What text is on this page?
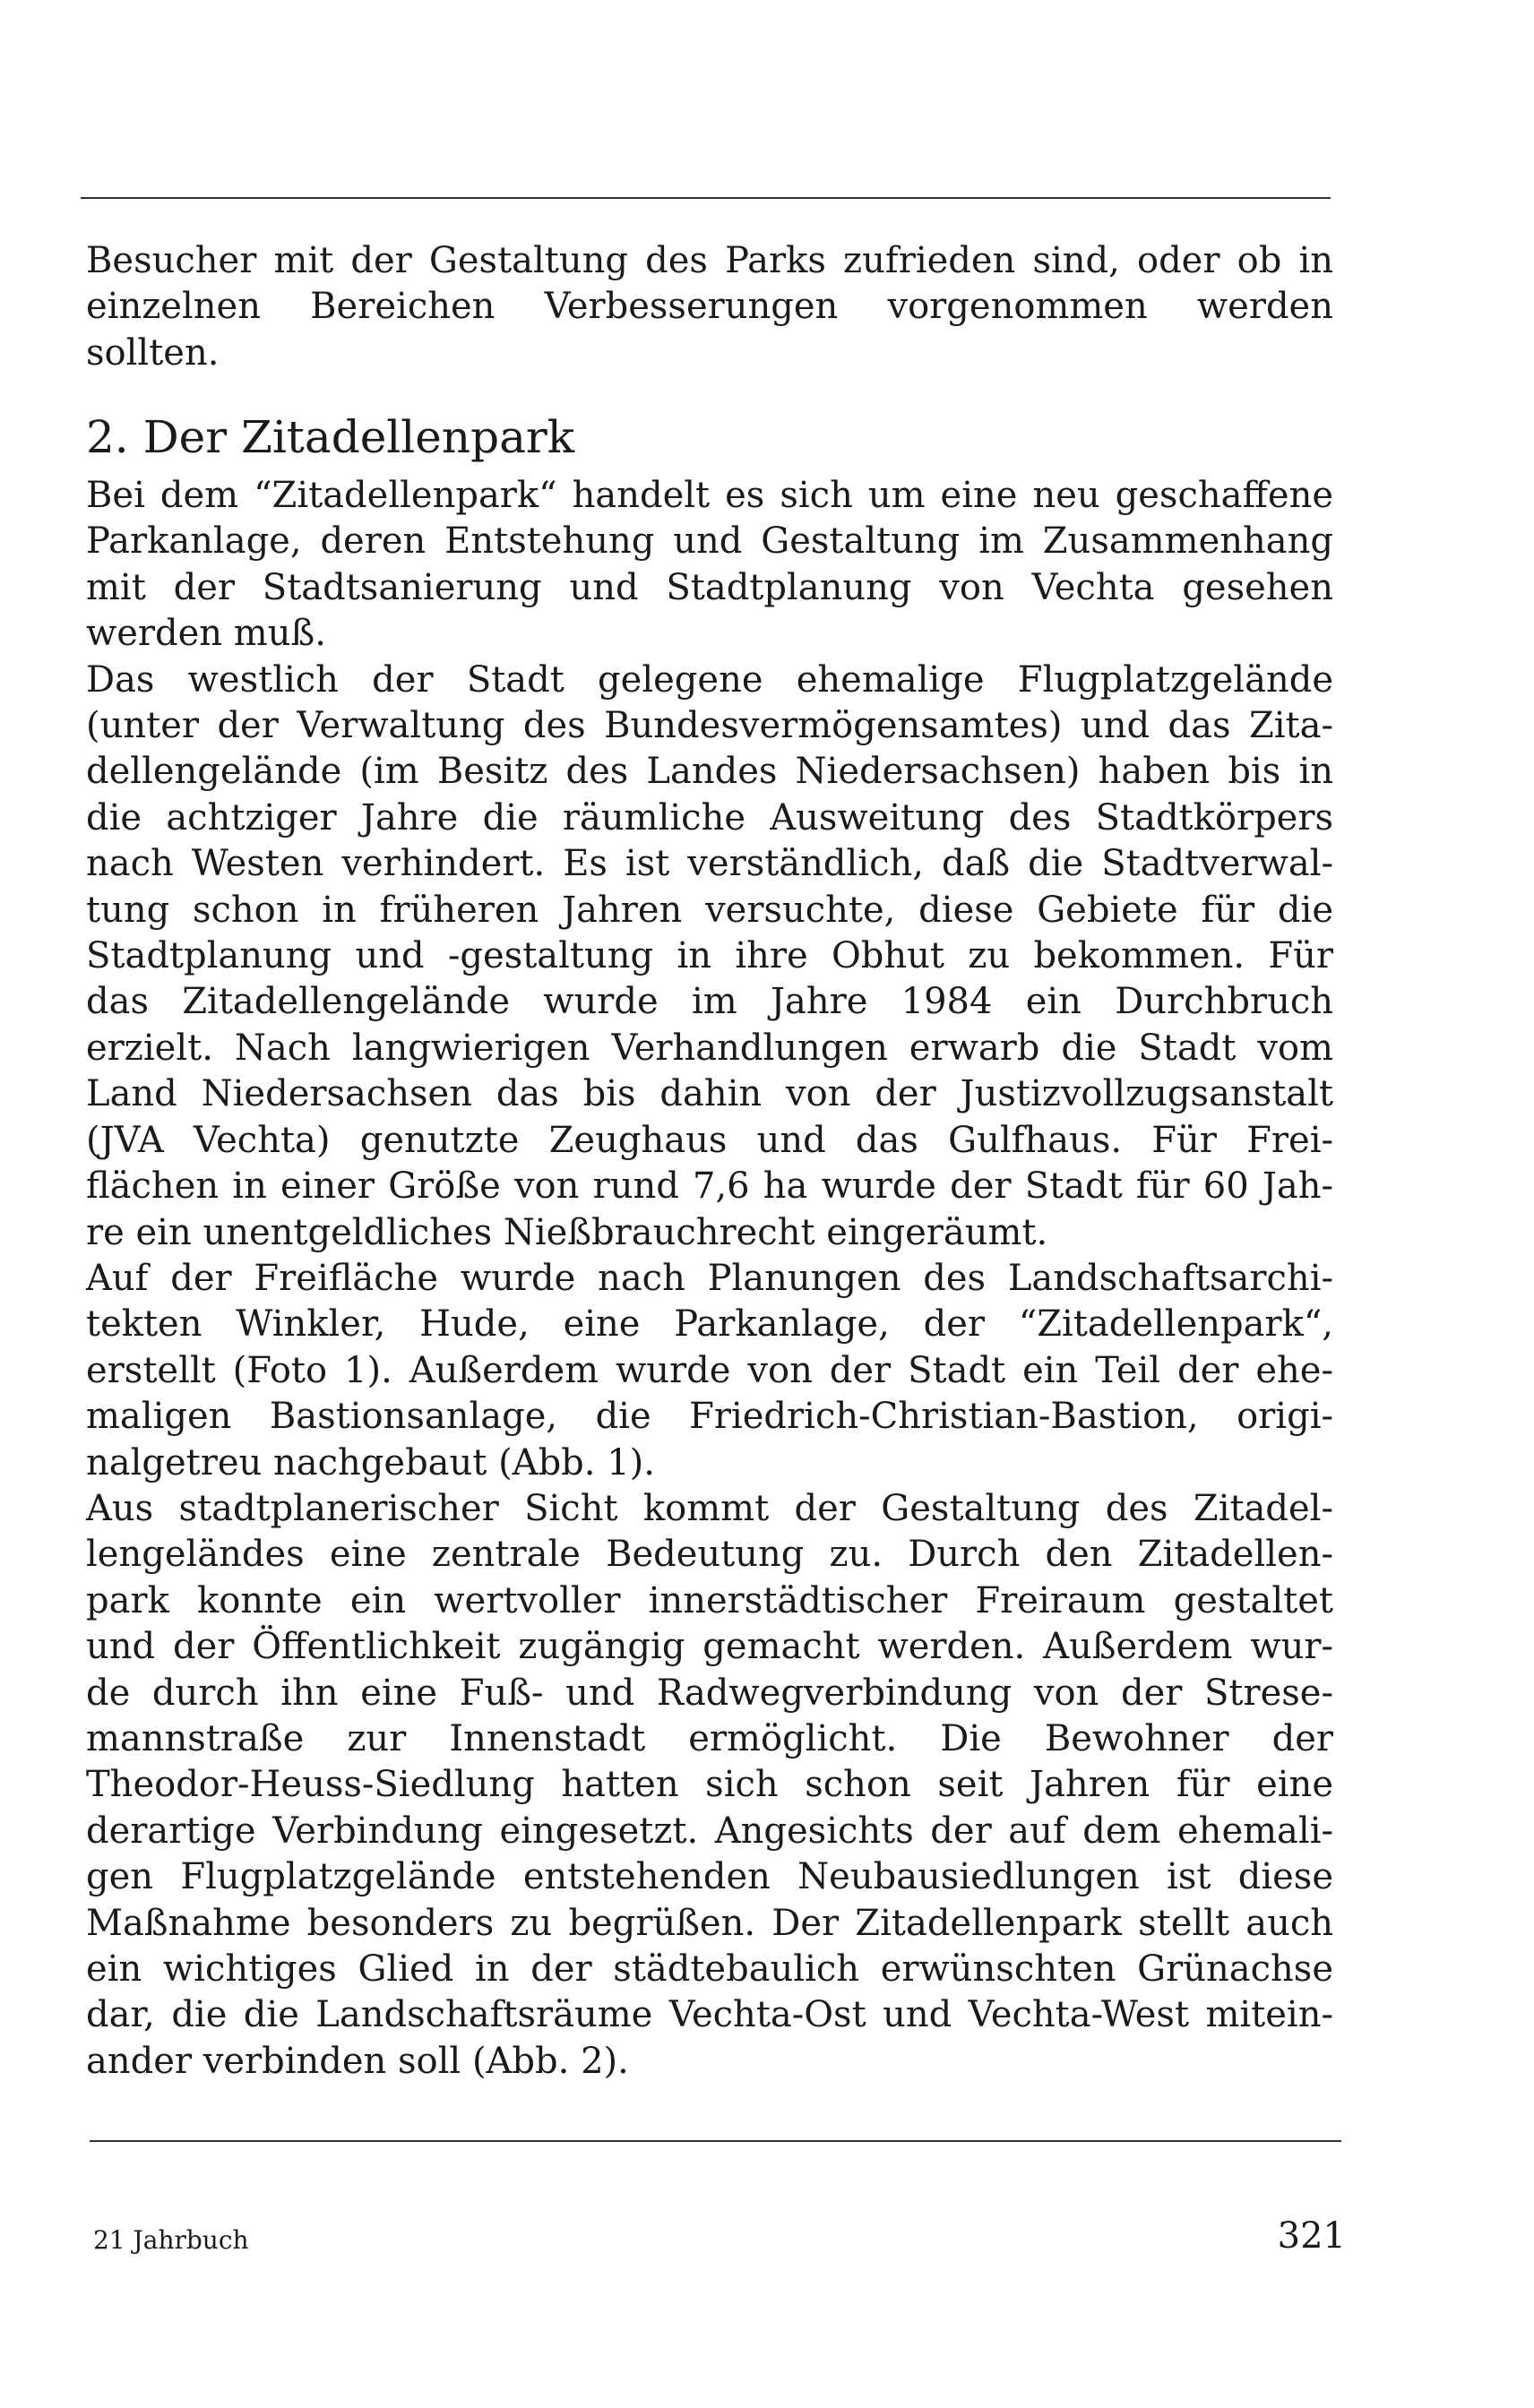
Besucher mit der Gestaltung des Parks zufrieden sind, oder ob in
einzelnen Bereichen Verbesserungen vorgenommen werden
sollten.

2. Der Zitadellenpark

Bei dem “Zitadellenpark“ handelt es sich um eine neu geschaffene
Parkanlage, deren Entstehung und Gestaltung im Zusammenhang
mit der Stadtsanierung und Stadtplanung von Vechta gesehen
werden muß.

Das westlich der Stadt gelegene ehemalige Flugplatzgelände
(unter der Verwaltung des Bundesvermögensamtes) und das Zita-
dellengelände (im Besitz des Landes Niedersachsen) haben bis in
die achtziger Jahre die räumliche Ausweitung des Stadtkörpers
nach Westen verhindert. Es ist verständlich, daß die Stadtverwal-
tung schon in früheren Jahren versuchte, diese Gebiete für die
Stadtplanung und -gestaltung in ihre Obhut zu bekommen. Für
das Zitadellengelände wurde im Jahre 1984 ein Durchbruch
erzielt. Nach langwierigen Verhandlungen erwarb die Stadt vom
Land Niedersachsen das bis dahin von der Justizvollzugsanstalt
(JVA Vechta) genutzte Zeughaus und das Gulfhaus. Für Frei-
flächen in einer Größe von rund 7,6 ha wurde der Stadt für 60 Jah-
re ein unentgeldliches Nießbrauchrecht eingeräumt.

Auf der Freifläche wurde nach Planungen des Landschaftsarchi-
tekten Winkler, Hude, eine Parkanlage, der “Zitadellenpark“,
erstellt (Foto 1). Außerdem wurde von der Stadt ein Teil der ehe-
maligen Bastionsanlage, die Friedrich-Christian-Bastion, origi-
nalgetreu nachgebaut (Abb. 1).

Aus stadtplanerischer Sicht kommt der Gestaltung des Zitadel-
lengeländes eine zentrale Bedeutung zu. Durch den Zitadellen-
park konnte ein wertvoller innerstädtischer Freiraum gestaltet
und der Öffentlichkeit zugängig gemacht werden. Außerdem wur-
de durch ihn eine Fuß- und Radwegverbindung von der Strese-
mannstraße zur Innenstadt ermöglicht. Die Bewohner der
Theodor-Heuss-Siedlung hatten sich schon seit Jahren für eine
derartige Verbindung eingesetzt. Angesichts der auf dem ehemali-
gen Flugplatzgelände entstehenden Neubausiedlungen ist diese
Maßnahme besonders zu begrüßen. Der Zitadellenpark stellt auch
ein wichtiges Glied in der städtebaulich erwünschten Grünachse
dar, die die Landschaftsräume Vechta-Ost und Vechta-West mitein-
ander verbinden soll (Abb. 2).

21 Jahrbuch	321
